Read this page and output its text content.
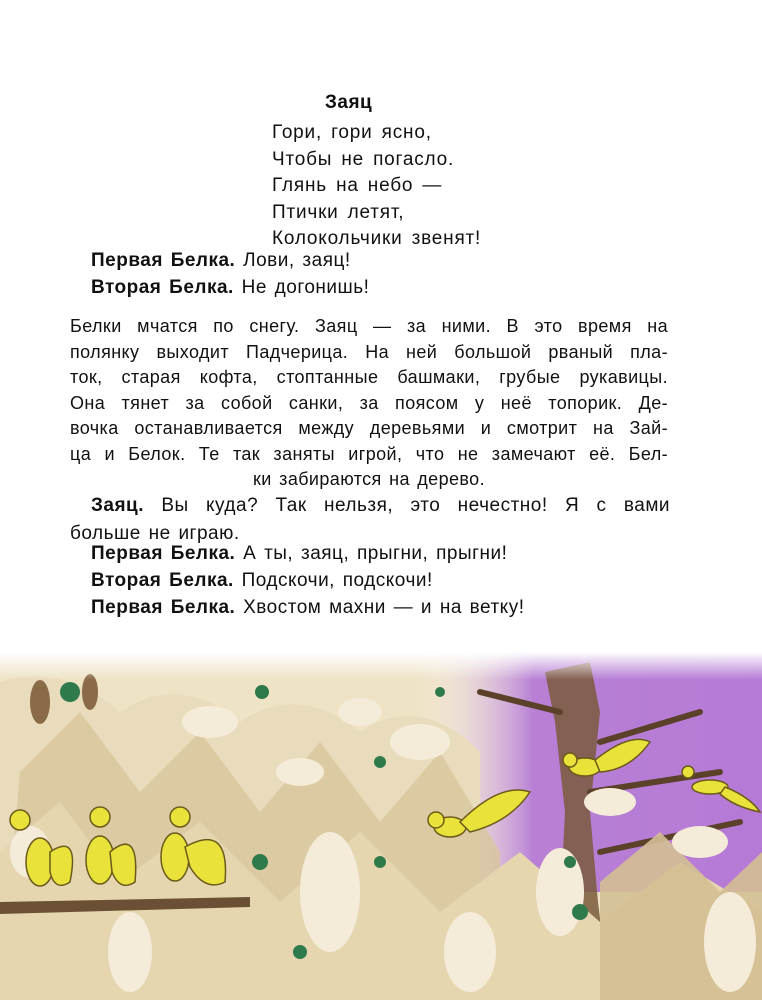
Заяц
Гори, гори ясно,
Чтобы не погасло.
Глянь на небо —
Птички летят,
Колокольчики звенят!
Первая Белка. Лови, заяц!
Вторая Белка. Не догонишь!
Белки мчатся по снегу. Заяц — за ними. В это время на
полянку выходит Падчерица. На ней большой рваный пла-
ток, старая кофта, стоптанные башмаки, грубые рукавицы.
Она тянет за собой санки, за поясом у неё топорик. Де-
вочка останавливается между деревьями и смотрит на Зай-
ца и Белок. Те так заняты игрой, что не замечают её. Бел-
ки забираются на дерево.
Заяц. Вы куда? Так нельзя, это нечестно! Я с вами
больше не играю.
Первая Белка. А ты, заяц, прыгни, прыгни!
Вторая Белка. Подскочи, подскочи!
Первая Белка. Хвостом махни — и на ветку!
